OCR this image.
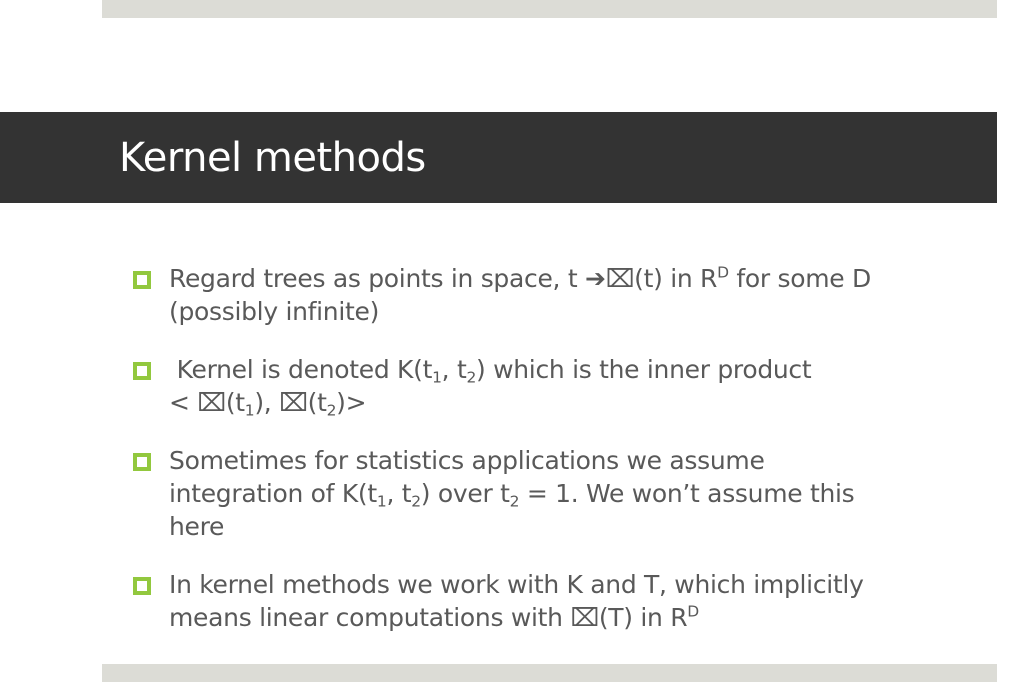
Kernel methods
Regard trees as points in space, t ➔⌧(t) in $R^D$ for some D
(possibly infinite)
Kernel is denoted $K(t_1$, $t_2$) which is the inner product
< $⌧(t_1)$, $⌧(t_2)>$
Sometimes for statistics applications we assume
integration of $K(t_1$, $t_2$) over $t_2 = 1$. We won’t assume this
here
In kernel methods we work with K and T, which implicitly
means linear computations with ⌧(T) in $R^D$
